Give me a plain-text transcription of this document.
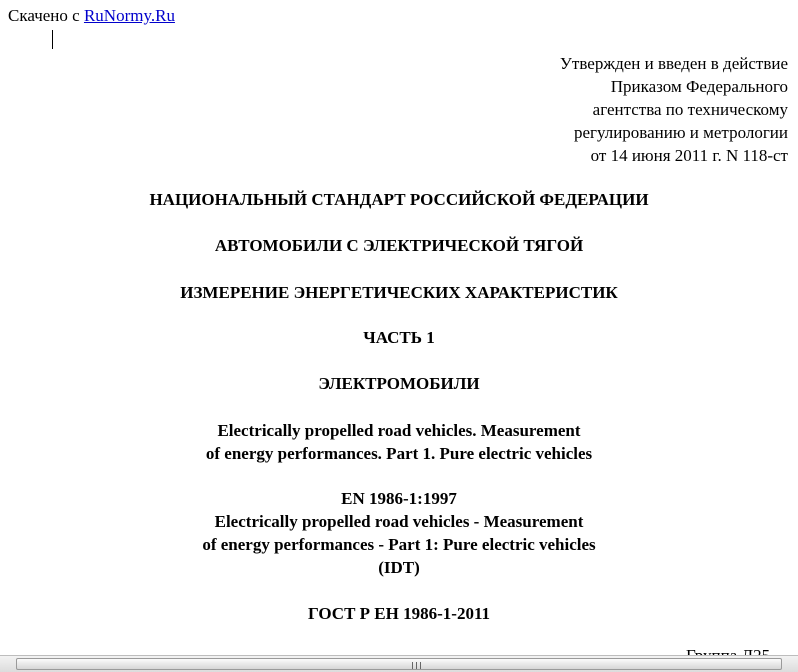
Скачено с RuNormy.Ru
Утвержден и введен в действие
Приказом Федерального
агентства по техническому
регулированию и метрологии
от 14 июня 2011 г. N 118-ст
НАЦИОНАЛЬНЫЙ СТАНДАРТ РОССИЙСКОЙ ФЕДЕРАЦИИ
АВТОМОБИЛИ С ЭЛЕКТРИЧЕСКОЙ ТЯГОЙ
ИЗМЕРЕНИЕ ЭНЕРГЕТИЧЕСКИХ ХАРАКТЕРИСТИК
ЧАСТЬ 1
ЭЛЕКТРОМОБИЛИ
Electrically propelled road vehicles. Measurement
of energy performances. Part 1. Pure electric vehicles
EN 1986-1:1997
Electrically propelled road vehicles - Measurement
of energy performances - Part 1: Pure electric vehicles
(IDT)
ГОСТ Р ЕН 1986-1-2011
